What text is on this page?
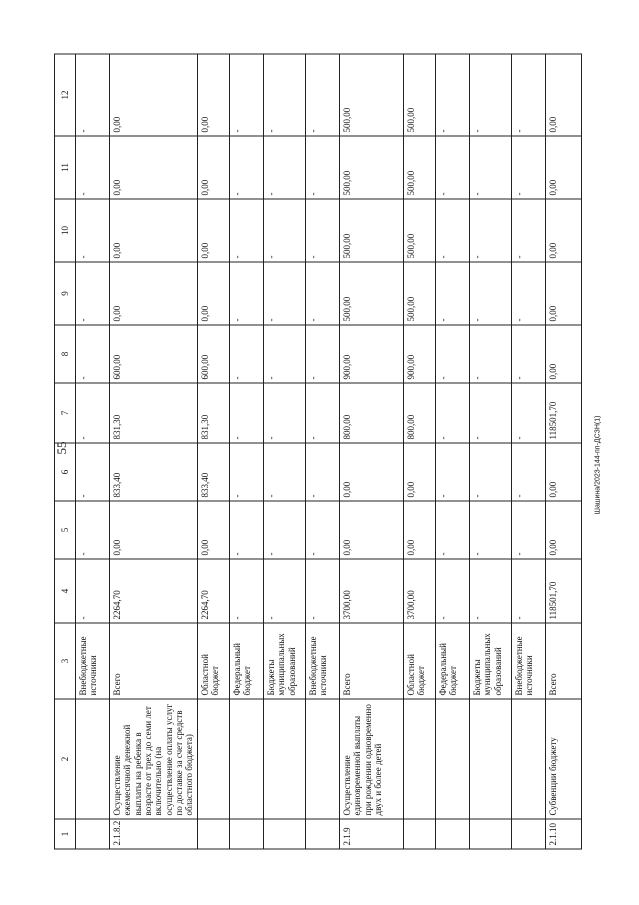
55	Шашина/2023-144-пп-ДСЗН(1)
1	2	3	4	5	6	7	8	9	10	11	12
		Внебюджетные источники	-	-	-	-	-	-	-	-	-
2.1.8.2	Осуществление ежемесячной денежной выплаты на ребенка в возрасте от трех до семи лет включительно (на осуществление оплаты услуг по доставке за счет средств областного бюджета)	Всего	2264,70	0,00	833,40	831,30	600,00	0,00	0,00	0,00	0,00
		Областной бюджет	2264,70	0,00	833,40	831,30	600,00	0,00	0,00	0,00	0,00
		Федеральный бюджет	-	-	-	-	-	-	-	-	-
		Бюджеты муниципальных образований	-	-	-	-	-	-	-	-	-
		Внебюджетные источники	-	-	-	-	-	-	-	-	-
2.1.9	Осуществление единовременной выплаты при рождении одновременно двух и более детей	Всего	3700,00	0,00	0,00	800,00	900,00	500,00	500,00	500,00	500,00
		Областной бюджет	3700,00	0,00	0,00	800,00	900,00	500,00	500,00	500,00	500,00
		Федеральный бюджет	-	-	-	-	-	-	-	-	-
		Бюджеты муниципальных образований	-	-	-	-	-	-	-	-	-
		Внебюджетные источники	-	-	-	-	-	-	-	-	-
2.1.10	Субвенции бюджету	Всего	118501,70	0,00	0,00	118501,70	0,00	0,00	0,00	0,00	0,00
